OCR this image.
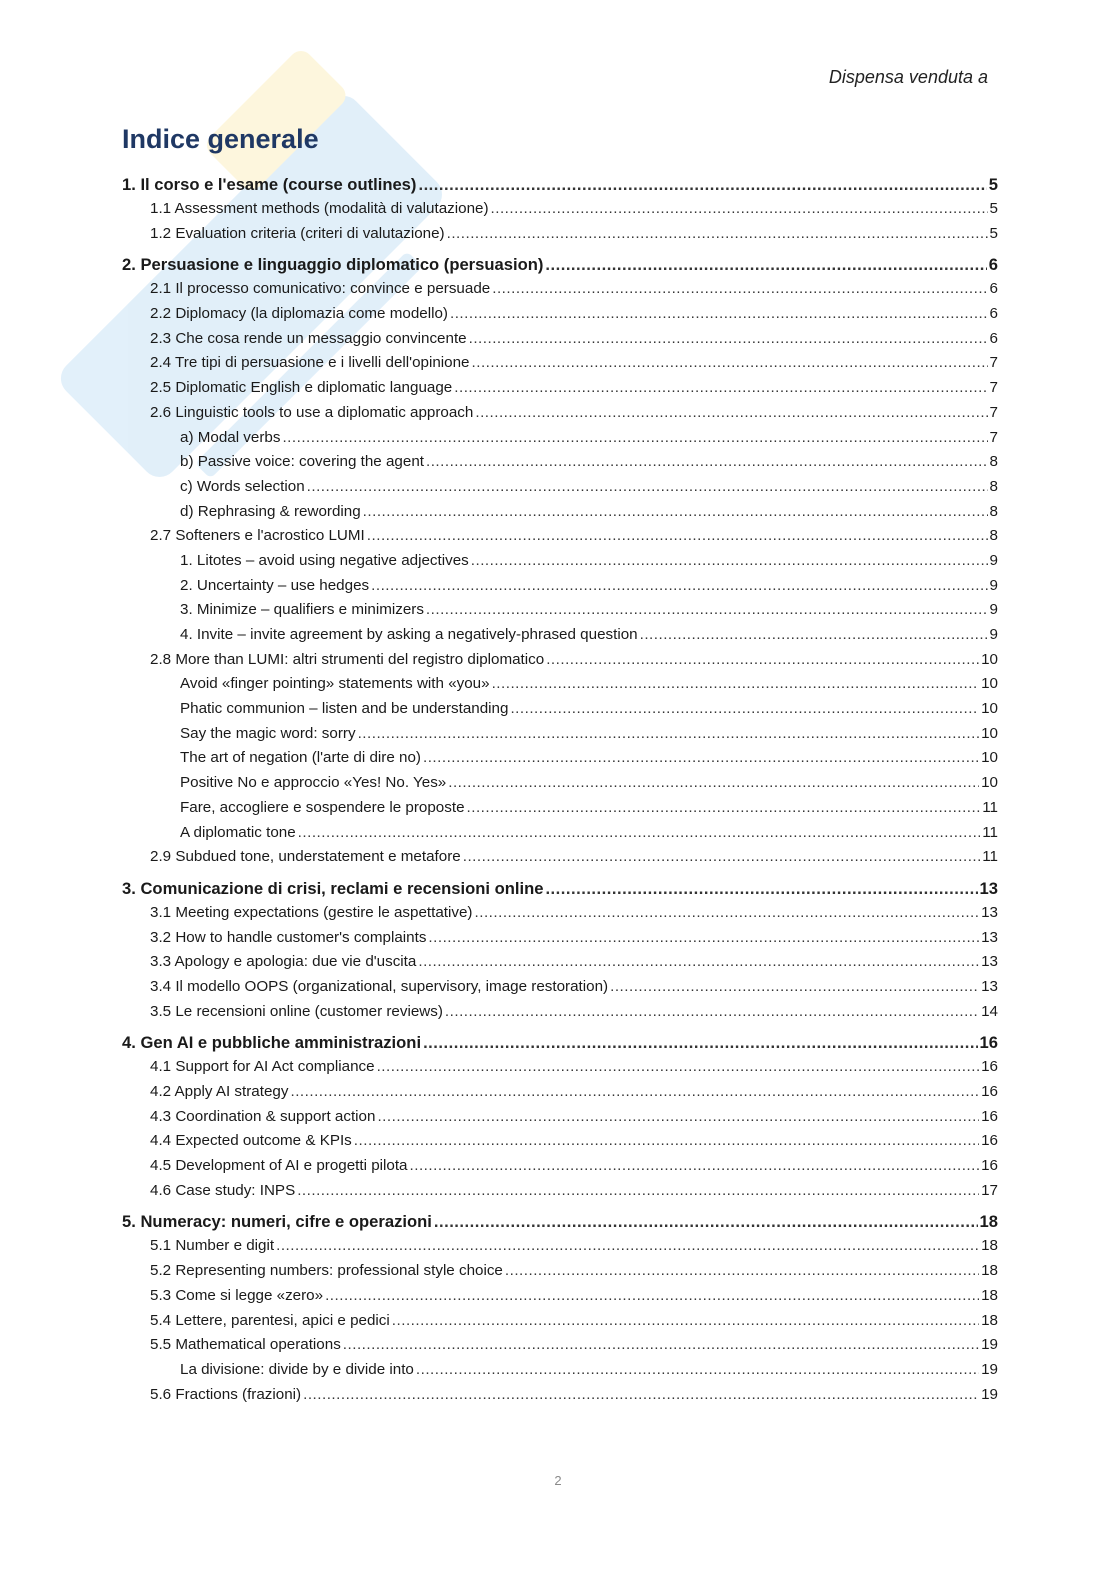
Dispensa venduta a
Indice generale
1. Il corso e l'esame (course outlines) .....	5
1.1 Assessment methods (modalità di valutazione) .....	5
1.2 Evaluation criteria (criteri di valutazione) .....	5
2. Persuasione e linguaggio diplomatico (persuasion) .....	6
2.1 Il processo comunicativo: convince e persuade .....	6
2.2 Diplomacy (la diplomazia come modello) .....	6
2.3 Che cosa rende un messaggio convincente .....	6
2.4 Tre tipi di persuasione e i livelli dell'opinione .....	7
2.5 Diplomatic English e diplomatic language .....	7
2.6 Linguistic tools to use a diplomatic approach .....	7
a) Modal verbs .....	7
b) Passive voice: covering the agent .....	8
c) Words selection .....	8
d) Rephrasing & rewording .....	8
2.7 Softeners e l'acrostico LUMI .....	8
1. Litotes – avoid using negative adjectives .....	9
2. Uncertainty – use hedges .....	9
3. Minimize – qualifiers e minimizers .....	9
4. Invite – invite agreement by asking a negatively-phrased question .....	9
2.8 More than LUMI: altri strumenti del registro diplomatico .....	10
Avoid «finger pointing» statements with «you» .....	10
Phatic communion – listen and be understanding .....	10
Say the magic word: sorry .....	10
The art of negation (l'arte di dire no) .....	10
Positive No e approccio «Yes! No. Yes» .....	10
Fare, accogliere e sospendere le proposte .....	11
A diplomatic tone .....	11
2.9 Subdued tone, understatement e metafore .....	11
3. Comunicazione di crisi, reclami e recensioni online .....	13
3.1 Meeting expectations (gestire le aspettative) .....	13
3.2 How to handle customer's complaints .....	13
3.3 Apology e apologia: due vie d'uscita .....	13
3.4 Il modello OOPS (organizational, supervisory, image restoration) .....	13
3.5 Le recensioni online (customer reviews) .....	14
4. Gen AI e pubbliche amministrazioni .....	16
4.1 Support for AI Act compliance .....	16
4.2 Apply AI strategy .....	16
4.3 Coordination & support action .....	16
4.4 Expected outcome & KPIs .....	16
4.5 Development of AI e progetti pilota .....	16
4.6 Case study: INPS .....	17
5. Numeracy: numeri, cifre e operazioni .....	18
5.1 Number e digit .....	18
5.2 Representing numbers: professional style choice .....	18
5.3 Come si legge «zero» .....	18
5.4 Lettere, parentesi, apici e pedici .....	18
5.5 Mathematical operations .....	19
La divisione: divide by e divide into .....	19
5.6 Fractions (frazioni) .....	19
2
